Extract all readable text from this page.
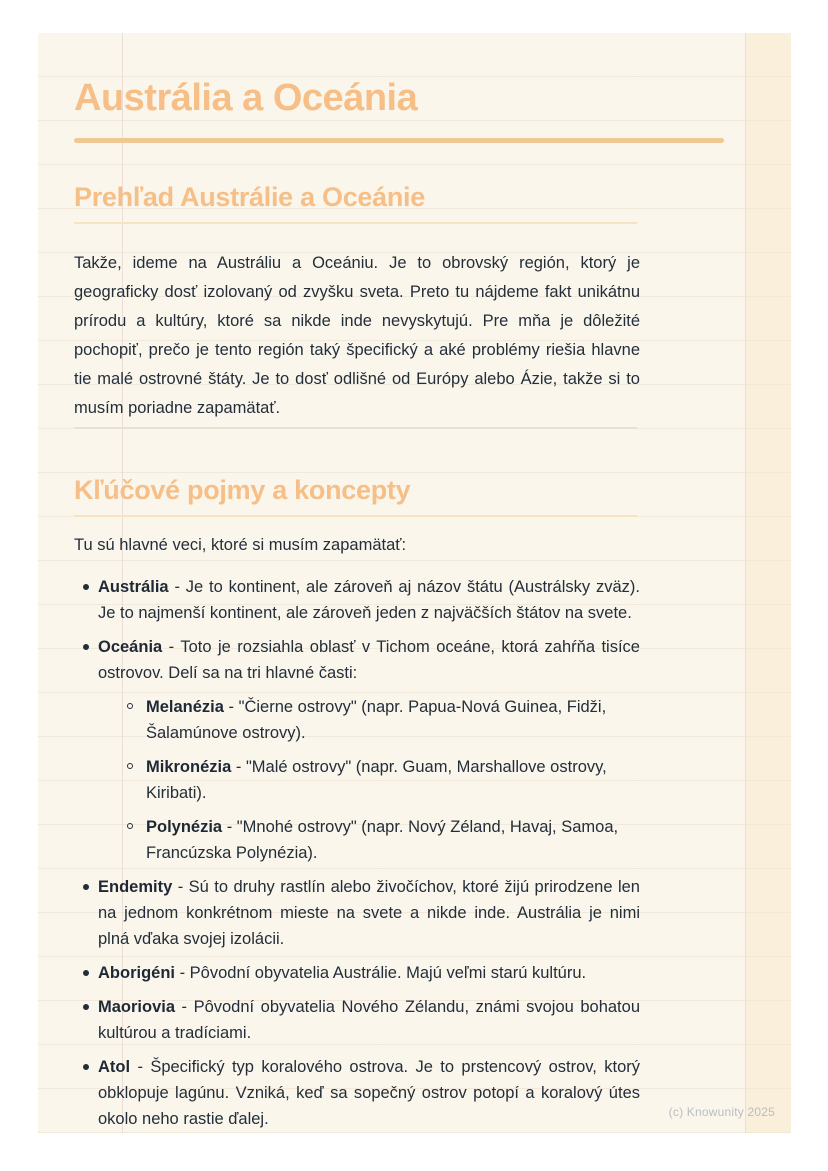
Austrália a Oceánia
Prehľad Austrálie a Oceánie

Takže, ideme na Austráliu a Oceániu. Je to obrovský región, ktorý je geograficky dosť izolovaný od zvyšku sveta. Preto tu nájdeme fakt unikátnu prírodu a kultúry, ktoré sa nikde inde nevyskytujú. Pre mňa je dôležité pochopiť, prečo je tento región taký špecifický a aké problémy riešia hlavne tie malé ostrovné štáty. Je to dosť odlišné od Európy alebo Ázie, takže si to musím poriadne zapamätať.

Kľúčové pojmy a koncepty

Tu sú hlavné veci, ktoré si musím zapamätať:

Austrália - Je to kontinent, ale zároveň aj názov štátu (Austrálsky zväz). Je to najmenší kontinent, ale zároveň jeden z najväčších štátov na svete.
Oceánia - Toto je rozsiahla oblasť v Tichom oceáne, ktorá zahŕňa tisíce ostrovov. Delí sa na tri hlavné časti:
Melanézia - "Čierne ostrovy" (napr. Papua-Nová Guinea, Fidži, Šalamúnove ostrovy).
Mikronézia - "Malé ostrovy" (napr. Guam, Marshallove ostrovy, Kiribati).
Polynézia - "Mnohé ostrovy" (napr. Nový Zéland, Havaj, Samoa, Francúzska Polynézia).
Endemity - Sú to druhy rastlín alebo živočíchov, ktoré žijú prirodzene len na jednom konkrétnom mieste na svete a nikde inde. Austrália je nimi plná vďaka svojej izolácii.
Aborigéni - Pôvodní obyvatelia Austrálie. Majú veľmi starú kultúru.
Maoriovia - Pôvodní obyvatelia Nového Zélandu, známi svojou bohatou kultúrou a tradíciami.
Atol - Špecifický typ koralového ostrova. Je to prstencový ostrov, ktorý obklopuje lagúnu. Vzniká, keď sa sopečný ostrov potopí a koralový útes okolo neho rastie ďalej.	(c) Knowunity 2025
